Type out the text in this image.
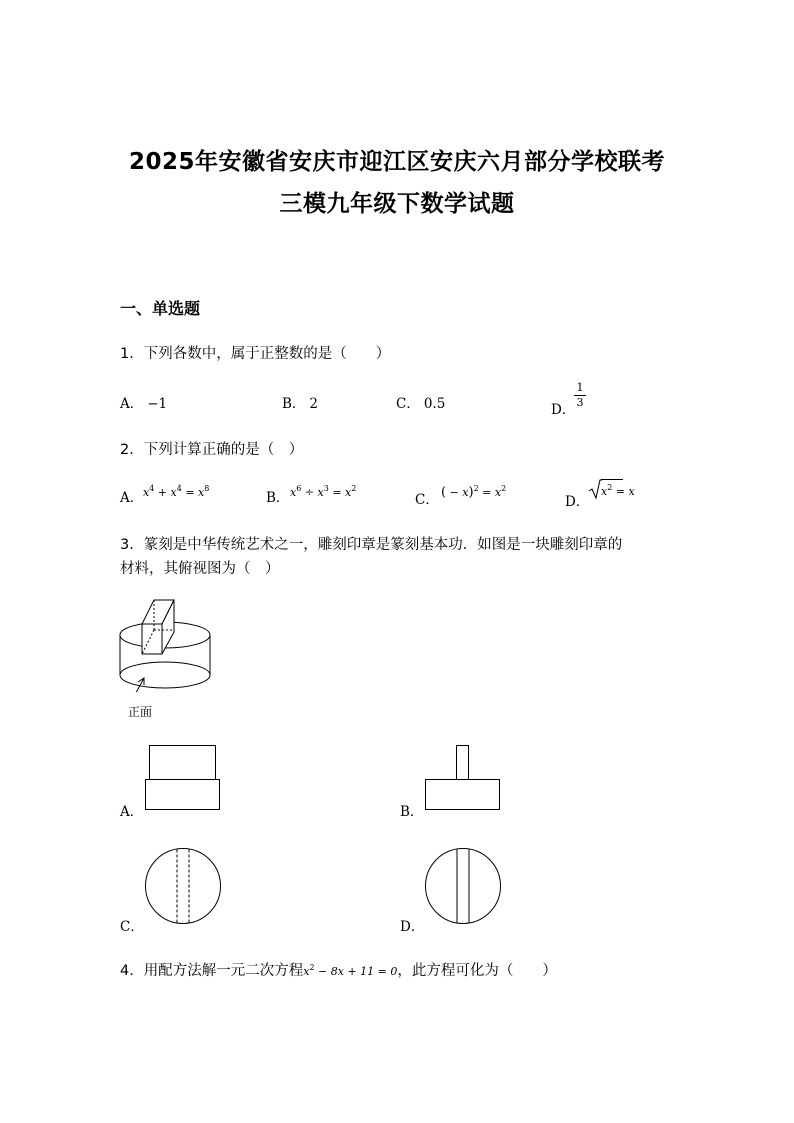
2025年安徽省安庆市迎江区安庆六月部分学校联考
三模九年级下数学试题
一、单选题
1．下列各数中，属于正整数的是（　　）
A． −1	B． 2	C． 0.5	D．
1
3
2．下列计算正确的是（　）
A． $x^4 + x^4 = x^8$
B． $x^6 \div x^3 = x^2$
C． ( − $x)^2 = x^2$
D．
$x^2 = x$
3．篆刻是中华传统艺术之一，雕刻印章是篆刻基本功．如图是一块雕刻印章的
材料，其俯视图为（　）
正面
A．	B．
C．	D．
4．用配方法解一元二次方程$x^2 - 8x + 11 = 0$，此方程可化为（　　）
